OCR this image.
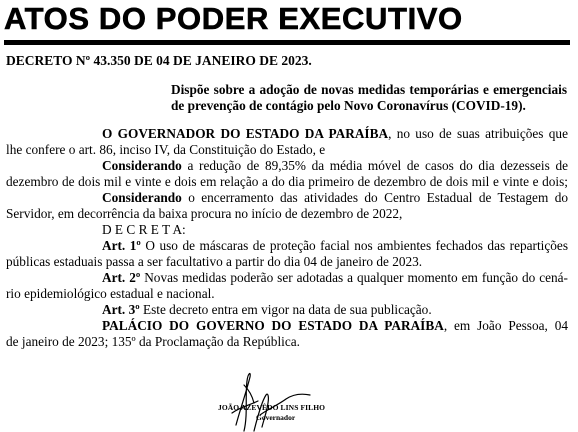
ATOS DO PODER EXECUTIVO
DECRETO Nº 43.350 DE 04 DE JANEIRO DE 2023.
Dispõe sobre a adoção de novas medidas temporárias e emergenciais
de prevenção de contágio pelo Novo Coronavírus (COVID-19).
O GOVERNADOR DO ESTADO DA PARAÍBA, no uso de suas atribuições que
lhe confere o art. 86, inciso IV, da Constituição do Estado, e
Considerando a redução de 89,35% da média móvel de casos do dia dezesseis de
dezembro de dois mil e vinte e dois em relação a do dia primeiro de dezembro de dois mil e vinte e dois;
Considerando o encerramento das atividades do Centro Estadual de Testagem do
Servidor, em decorrência da baixa procura no início de dezembro de 2022,
D E C R E T A:
Art. 1º O uso de máscaras de proteção facial nos ambientes fechados das repartições
públicas estaduais passa a ser facultativo a partir do dia 04 de janeiro de 2023.
Art. 2º Novas medidas poderão ser adotadas a qualquer momento em função do cená-
rio epidemiológico estadual e nacional.
Art. 3º Este decreto entra em vigor na data de sua publicação.
PALÁCIO DO GOVERNO DO ESTADO DA PARAÍBA, em João Pessoa, 04
de janeiro de 2023; 135º da Proclamação da República.
JOÃO AZEVÊDO LINS FILHO
Governador
